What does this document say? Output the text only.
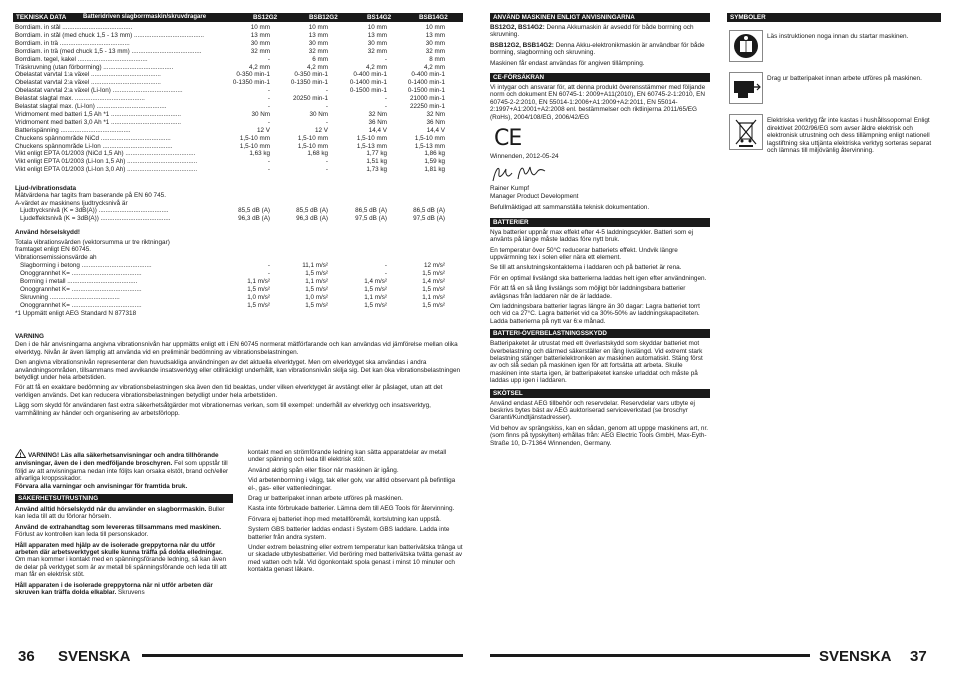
TEKNISKA DATA	Batteridriven slagborrmaskin/skruvdragare	BS12G2	BSB12G2	BS14G2	BSB14G2
Borrdiam. in stål ........................................	10 mm	10 mm	10 mm	10 mm
Borrdiam. in stål (med chuck 1,5 - 13 mm) ........................................	13 mm	13 mm	13 mm	13 mm
Borrdiam. in trä ........................................	30 mm	30 mm	30 mm	30 mm
Borrdiam. in trä (med chuck 1,5 - 13 mm) ........................................	32 mm	32 mm	32 mm	32 mm
Borrdiam. tegel, kakel ........................................	-	6 mm	-	8 mm
Träskruvning (utan förborrning) ........................................	4,2 mm	4,2 mm	4,2 mm	4,2 mm
Obelastat varvtal 1:a växel ........................................	0-350 min-1	0-350 min-1	0-400 min-1	0-400 min-1
Obelastat varvtal 2:a växel ........................................	0-1350 min-1	0-1350 min-1	0-1400 min-1	0-1400 min-1
Obelastat varvtal 2:a växel (Li-Ion) ........................................	-	-	0-1500 min-1	0-1500 min-1
Belastat slagtal max. ........................................	-	20250 min-1	-	21000 min-1
Belastat slagtal max. (Li-Ion) ........................................	-	-	-	22250 min-1
Vridmoment med batteri 1,5 Ah *1 ........................................	30 Nm	30 Nm	32 Nm	32 Nm
Vridmoment med batteri 3,0 Ah *1 ........................................	-	-	36 Nm	36 Nm
Batterispänning ........................................	12 V	12 V	14,4 V	14,4 V
Chuckens spännområde NiCd ........................................	1,5-10 mm	1,5-10 mm	1,5-10 mm	1,5-10 mm
Chuckens spännområde Li-Ion ........................................	1,5-10 mm	1,5-10 mm	1,5-13 mm	1,5-13 mm
Vikt enligt EPTA 01/2003 (NiCd 1,5 Ah) ........................................	1,63 kg	1,68 kg	1,77 kg	1,86 kg
Vikt enligt EPTA 01/2003 (Li-Ion 1,5 Ah) ........................................	-	-	1,51 kg	1,59 kg
Vikt enligt EPTA 01/2003 (Li-Ion 3,0 Ah) ........................................	-	-	1,73 kg	1,81 kg
Ljud-/vibrationsdata
Mätvärdena har tagits fram baserande på EN 60 745.
A-värdet av maskinens ljudtrycksnivå är
Ljudtrycksnivå (K = 3dB(A)) ........................................	85,5 dB (A)	85,5 dB (A)	86,5 dB (A)	86,5 dB (A)
Ljudeffektsnivå (K = 3dB(A)) ........................................	96,3 dB (A)	96,3 dB (A)	97,5 dB (A)	97,5 dB (A)
Använd hörselskydd!
Totala vibrationsvärden (vektorsumma ur tre riktningar)
framtaget enligt EN 60745.
Vibrationsemissionsvärde ah
Slagborrning i betong ........................................	-	11,1 m/s²	-	12 m/s²
Onoggrannhet K= ........................................	-	1,5 m/s²	-	1,5 m/s²
Borrning i metall ........................................	1,1 m/s²	1,1 m/s²	1,4 m/s²	1,4 m/s²
Onoggrannhet K= ........................................	1,5 m/s²	1,5 m/s²	1,5 m/s²	1,5 m/s²
Skruvning ........................................	1,0 m/s²	1,0 m/s²	1,1 m/s²	1,1 m/s²
Onoggrannhet K= ........................................	1,5 m/s²	1,5 m/s²	1,5 m/s²	1,5 m/s²
*1 Uppmätt enligt AEG Standard N 877318

VARNING

Den i de här anvisningarna angivna vibrationsnivån har uppmätts enligt ett i EN 60745 normerat mätförfarande och kan användas vid jämförelse mellan olika elverktyg. Nivån är även lämplig att använda vid en preliminär bedömning av vibrationsbelastningen.

Den angivna vibrationsnivån representerar den huvudsakliga användningen av det aktuella elverktyget. Men om elverktyget ska användas i andra användningsområden, tillsammans med avvikande insatsverktyg eller otillräckligt underhållt, kan vibrationsnivån skilja sig. Det kan öka vibrationsbelastningen betydligt under hela arbetstiden.

För att få en exaktare bedömning av vibrationsbelastningen ska även den tid beaktas, under vilken elverktyget är avstängt eller är påslaget, utan att det verkligen används. Det kan reducera vibrationsbelastningen betydligt under hela arbetstiden.

Lägg som skydd för användaren fast extra säkerhetsåtgärder mot vibrationernas verkan, som till exempel: underhåll av elverktyg och insatsverktyg, varmhållning av händer och organisering av arbetsförlopp.

! VARNING! Läs alla säkerhetsanvisningar och andra tillhörande anvisningar, även de i den medföljande broschyren. Fel som uppstår till följd av att anvisningarna nedan inte följts kan orsaka elstöt, brand och/eller allvarliga kroppsskador.
Förvara alla varningar och anvisningar för framtida bruk.

SÄKERHETSUTRUSTNING

Använd alltid hörselskydd när du använder en slagborrmaskin. Buller kan leda till att du förlorar hörseln.

Använd de extrahandtag som levereras tillsammans med maskinen. Förlust av kontrollen kan leda till personskador.

Håll apparaten med hjälp av de isolerade greppytorna när du utför arbeten där arbetsverktyget skulle kunna träffa på dolda elledningar. Om man kommer i kontakt med en spänningsförande ledning, så kan även de delar på verktyget som är av metall bli spänningsförande och leda till att man får en elektrisk stöt.

Håll apparaten i de isolerade greppytorna när ni utför arbeten där skruven kan träffa dolda elkablar. Skruvens

kontakt med en strömförande ledning kan sätta apparatdelar av metall under spänning och leda till elektrisk stöt.

Använd aldrig spån eller flisor när maskinen är igång.

Vid arbetenborrning i vägg, tak eller golv, var alltid observant på befintliga el-, gas- eller vattenledningar.

Drag ur batteripaket innan arbete utföres på maskinen.

Kasta inte förbrukade batterier. Lämna dem till AEG Tools för återvinning.

Förvara ej batteriet ihop med metallföremål, kortslutning kan uppstå.

System GBS batterier laddas endast i System GBS laddare. Ladda inte batterier från andra system.

Under extrem belastning eller extrem temperatur kan batterivätska tränga ut ur skadade utbytesbatterier. Vid beröring med batterivätska tvätta genast av med vatten och tvål. Vid ögonkontakt spola genast i minst 10 minuter och kontakta genast läkare.

36 SVENSKA
ANVÄND MASKINEN ENLIGT ANVISNINGARNA

BS12G2, BS14G2: Denna Akkumaskin är avsedd för både borrning och skruvning.

BSB12G2, BSB14G2: Denna Akku-elektronikmaskin är användbar för både borrning, slagborrning och skruvning.

Maskinen får endast användas för angiven tillämpning.

CE-FÖRSÄKRAN

Vi intygar och ansvarar för, att denna produkt överensstämmer med följande norm och dokument EN 60745-1: 2009+A11(2010), EN 60745-2-1:2010, EN 60745-2-2:2010, EN 55014-1:2006+A1:2009+A2:2011, EN 55014-2:1997+A1:2001+A2:2008 enl. bestämmelser och riktlinjerna 2011/65/EG (RoHs), 2004/108/EG, 2006/42/EG

CE

Winnenden, 2012-05-24

Rainer Kumpf
Manager Product Development

Befullmäktigad att sammanställa teknisk dokumentation.

BATTERIER

Nya batterier uppnår max effekt efter 4-5 laddningscykler. Batteri som ej använts på länge måste laddas före nytt bruk.

En temperatur över 50°C reducerar batteriets effekt. Undvik längre uppvärmning tex i solen eller nära ett element.

Se till att anslutningskontakterna i laddaren och på batteriet är rena.

För en optimal livslängd ska batterierna laddas helt igen efter användningen.

För att få en så lång livslängs som möjligt bör laddningsbara batterier avlägsnas från laddaren när de är laddade.

Om laddningsbara batterier lagras längre än 30 dagar: Lagra batteriet torrt och vid ca 27°C. Lagra batteriet vid ca 30%-50% av laddningskapaciteten. Ladda batterierna på nytt var 6:e månad.

BATTERI-ÖVERBELASTNINGSSKYDD

Batteripaketet är utrustat med ett överlastskydd som skyddar batteriet mot överbelastning och därmed säkerställer en lång livslängd. Vid extremt stark belastning stänger batterielektroniken av maskinen automatiskt. Stäng först av och slå sedan på maskinen igen för att fortsätta att arbeta. Skulle maskinen inte starta igen, är batteripaketet kanske urladdat och måste på laddas upp igen i laddaren.

SKÖTSEL

Använd endast AEG tillbehör och reservdelar. Reservdelar vars utbyte ej beskrivs bytes bäst av AEG auktoriserad serviceverkstad (se broschyr Garanti/Kundtjänstadresser).

Vid behov av sprängskiss, kan en sådan, genom att uppge maskinens art, nr. (som finns på typskylten) erhållas från: AEG Electric Tools GmbH, Max-Eyth-Straße 10, D-71364 Winnenden, Germany.

SYMBOLER
Läs instruktionen noga innan du startar maskinen.
Drag ur batteripaket innan arbete utföres på maskinen.
Elektriska verktyg får inte kastas i hushållssoporna! Enligt direktivet 2002/96/EG som avser äldre elektrisk och elektronisk utrustning och dess tillämpning enligt nationell lagstiftning ska uttjänta elektriska verktyg sorteras separat och lämnas till miljövänlig återvinning.
SVENSKA 37
